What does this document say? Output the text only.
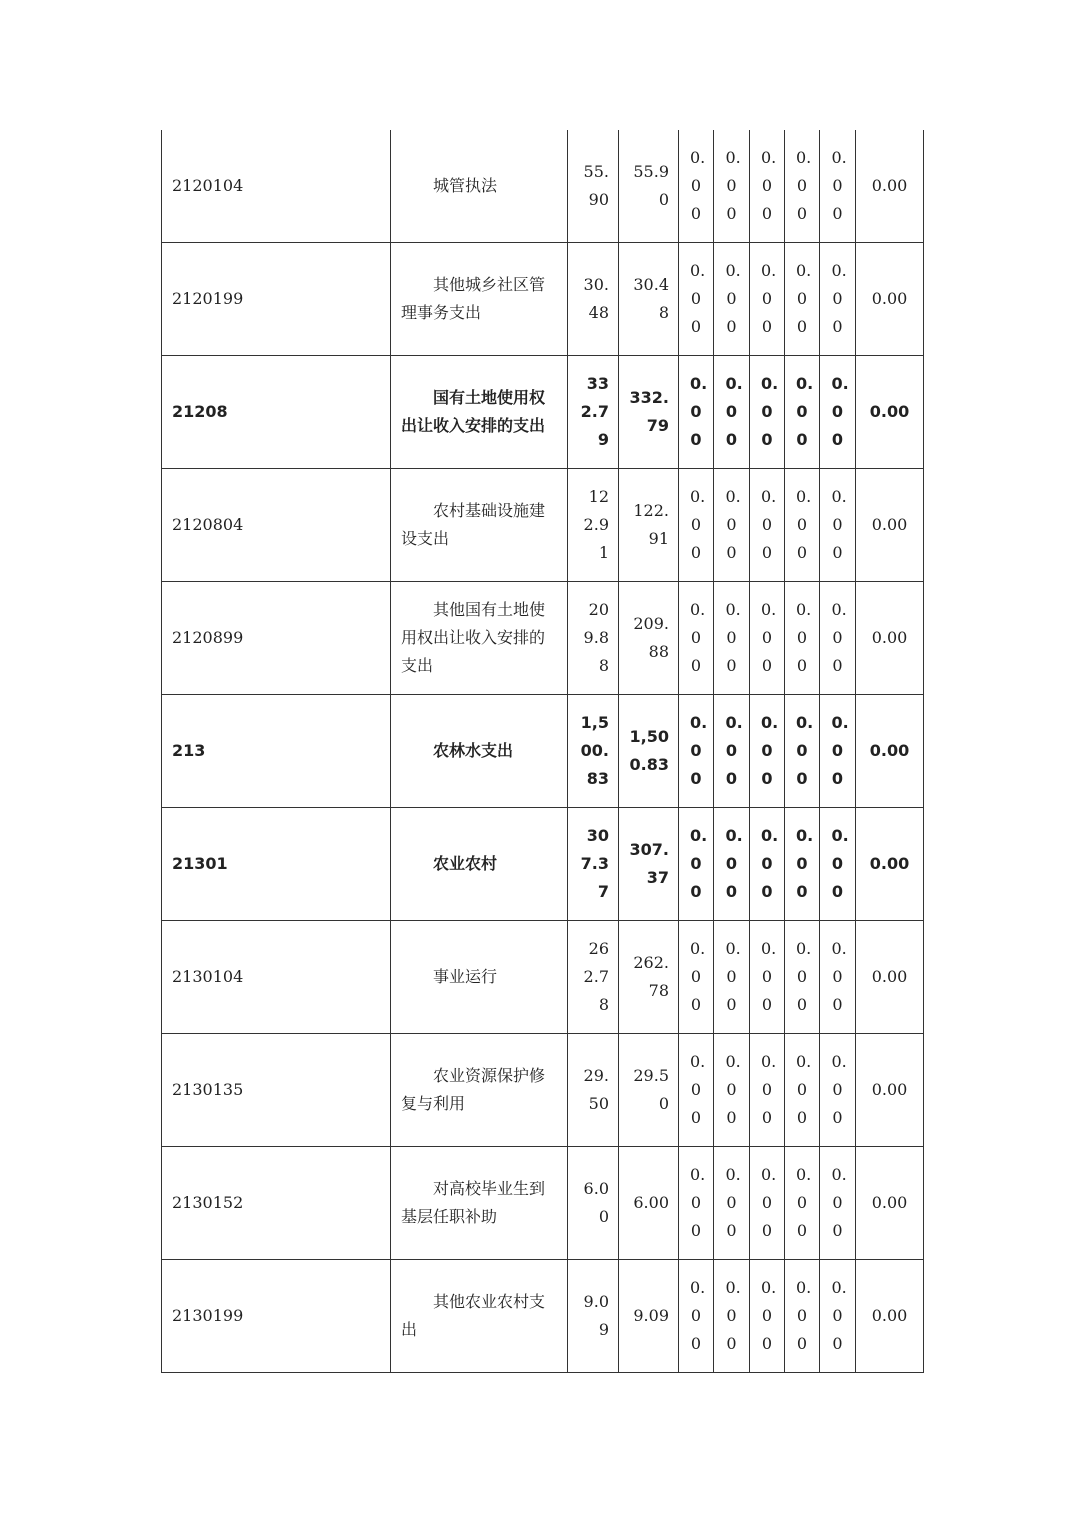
2120104	城管执法	55.90	55.90	0.00	0.00	0.00	0.00	0.00	0.00
2120199	其他城乡社区管理事务支出	30.48	30.48	0.00	0.00	0.00	0.00	0.00	0.00
21208	国有土地使用权出让收入安排的支出	332.79	332.79	0.00	0.00	0.00	0.00	0.00	0.00
2120804	农村基础设施建设支出	122.91	122.91	0.00	0.00	0.00	0.00	0.00	0.00
2120899	其他国有土地使用权出让收入安排的支出	209.88	209.88	0.00	0.00	0.00	0.00	0.00	0.00
213	农林水支出	1,500.83	1,500.83	0.00	0.00	0.00	0.00	0.00	0.00
21301	农业农村	307.37	307.37	0.00	0.00	0.00	0.00	0.00	0.00
2130104	事业运行	262.78	262.78	0.00	0.00	0.00	0.00	0.00	0.00
2130135	农业资源保护修复与利用	29.50	29.50	0.00	0.00	0.00	0.00	0.00	0.00
2130152	对高校毕业生到基层任职补助	6.00	6.00	0.00	0.00	0.00	0.00	0.00	0.00
2130199	其他农业农村支出	9.09	9.09	0.00	0.00	0.00	0.00	0.00	0.00
